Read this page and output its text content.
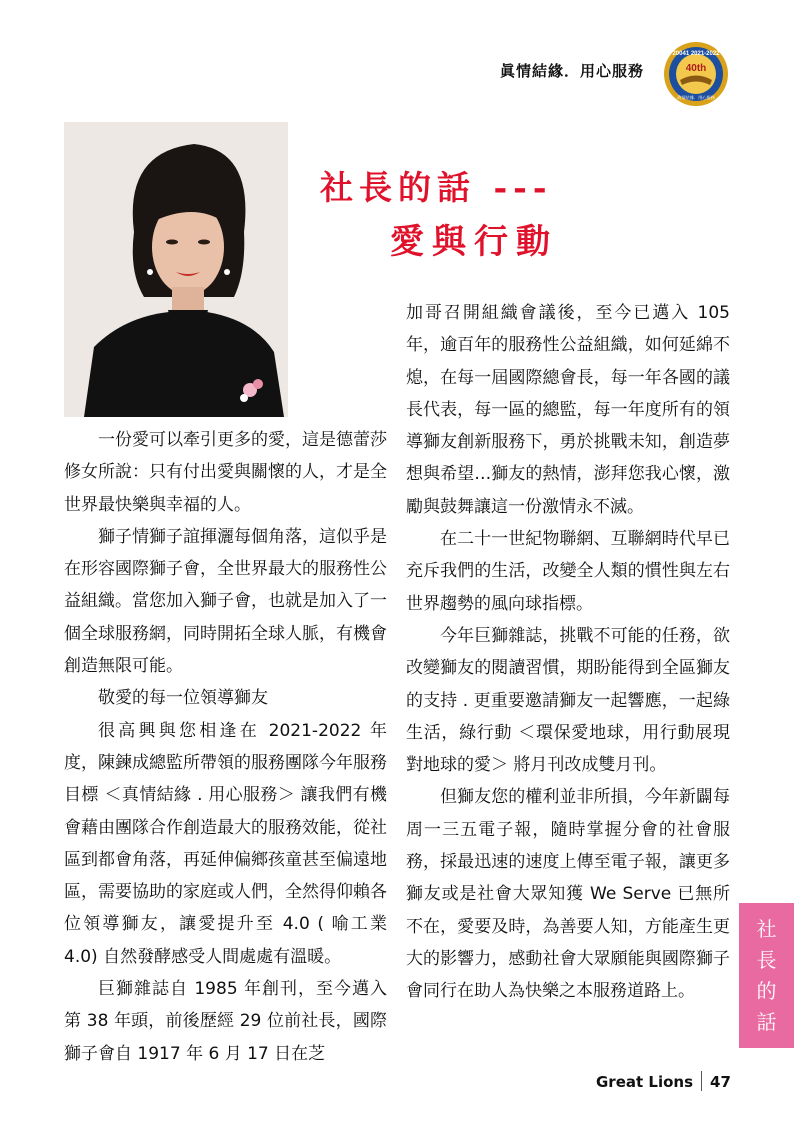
眞情結緣．用心服務
20041 2021-2022
40th
眞情結緣．用心服務
社長的話 ---
愛與行動

一份愛可以牽引更多的愛，這是德蕾莎修女所說：只有付出愛與關懷的人，才是全世界最快樂與幸福的人。

獅子情獅子誼揮灑每個角落，這似乎是在形容國際獅子會，全世界最大的服務性公益組織。當您加入獅子會，也就是加入了一個全球服務網，同時開拓全球人脈，有機會創造無限可能。

敬愛的每一位領導獅友

很高興與您相逢在 2021-2022 年度，陳鍊成總監所帶領的服務團隊今年服務目標 ＜真情結緣 . 用心服務＞ 讓我們有機會藉由團隊合作創造最大的服務效能，從社區到都會角落，再延伸偏鄉孩童甚至偏遠地區，需要協助的家庭或人們，全然得仰賴各位領導獅友，讓愛提升至 4.0 ( 喻工業 4.0) 自然發酵感受人間處處有溫暖。

巨獅雜誌自 1985 年創刊，至今邁入第 38 年頭，前後歷經 29 位前社長，國際獅子會自 1917 年 6 月 17 日在芝

加哥召開組織會議後，至今已邁入 105 年，逾百年的服務性公益組織，如何延綿不熄，在每一屆國際總會長，每一年各國的議長代表，每一區的總監，每一年度所有的領導獅友創新服務下，勇於挑戰未知，創造夢想與希望…獅友的熱情，澎拜您我心懷，激勵與鼓舞讓這一份激情永不滅。

在二十一世紀物聯網、互聯網時代早已充斥我們的生活，改變全人類的慣性與左右世界趨勢的風向球指標。

今年巨獅雜誌，挑戰不可能的任務，欲改變獅友的閱讀習慣，期盼能得到全區獅友的支持 . 更重要邀請獅友一起響應，一起綠生活，綠行動 ＜環保愛地球，用行動展現對地球的愛＞ 將月刊改成雙月刊。

但獅友您的權利並非所損，今年新闢每周一三五電子報，隨時掌握分會的社會服務，採最迅速的速度上傳至電子報，讓更多獅友或是社會大眾知獲 We Serve 已無所不在，愛要及時，為善要人知，方能產生更大的影響力，感動社會大眾願能與國際獅子會同行在助人為快樂之本服務道路上。

社
長
的
話
Great Lions 47
